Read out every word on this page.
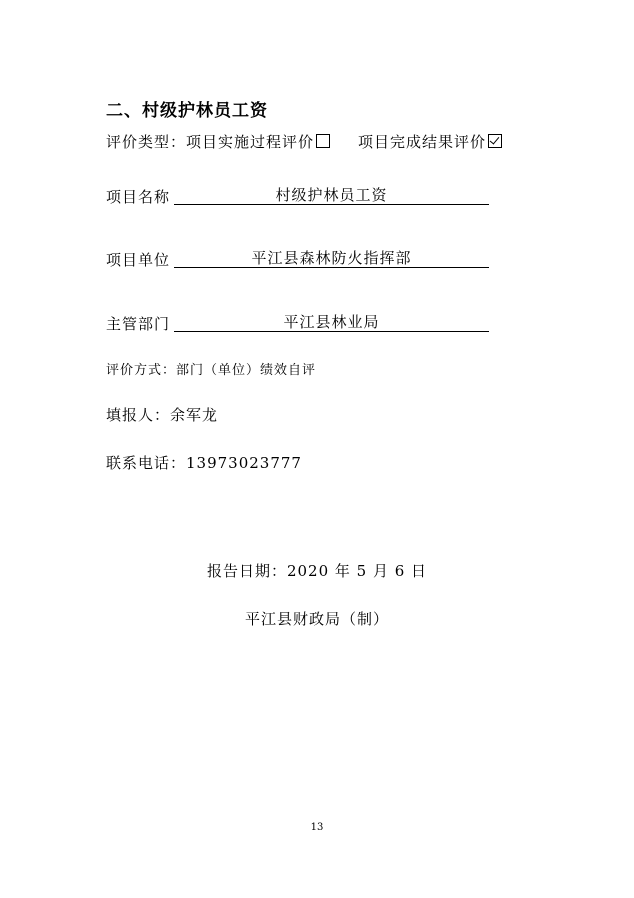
二、村级护林员工资
评价类型：项目实施过程评价	项目完成结果评价
项目名称	村级护林员工资
项目单位	平江县森林防火指挥部
主管部门	平江县林业局
评价方式：部门（单位）绩效自评
填报人：余军龙
联系电话：13973023777
报告日期：2020 年 5 月 6 日
平江县财政局（制）
13
